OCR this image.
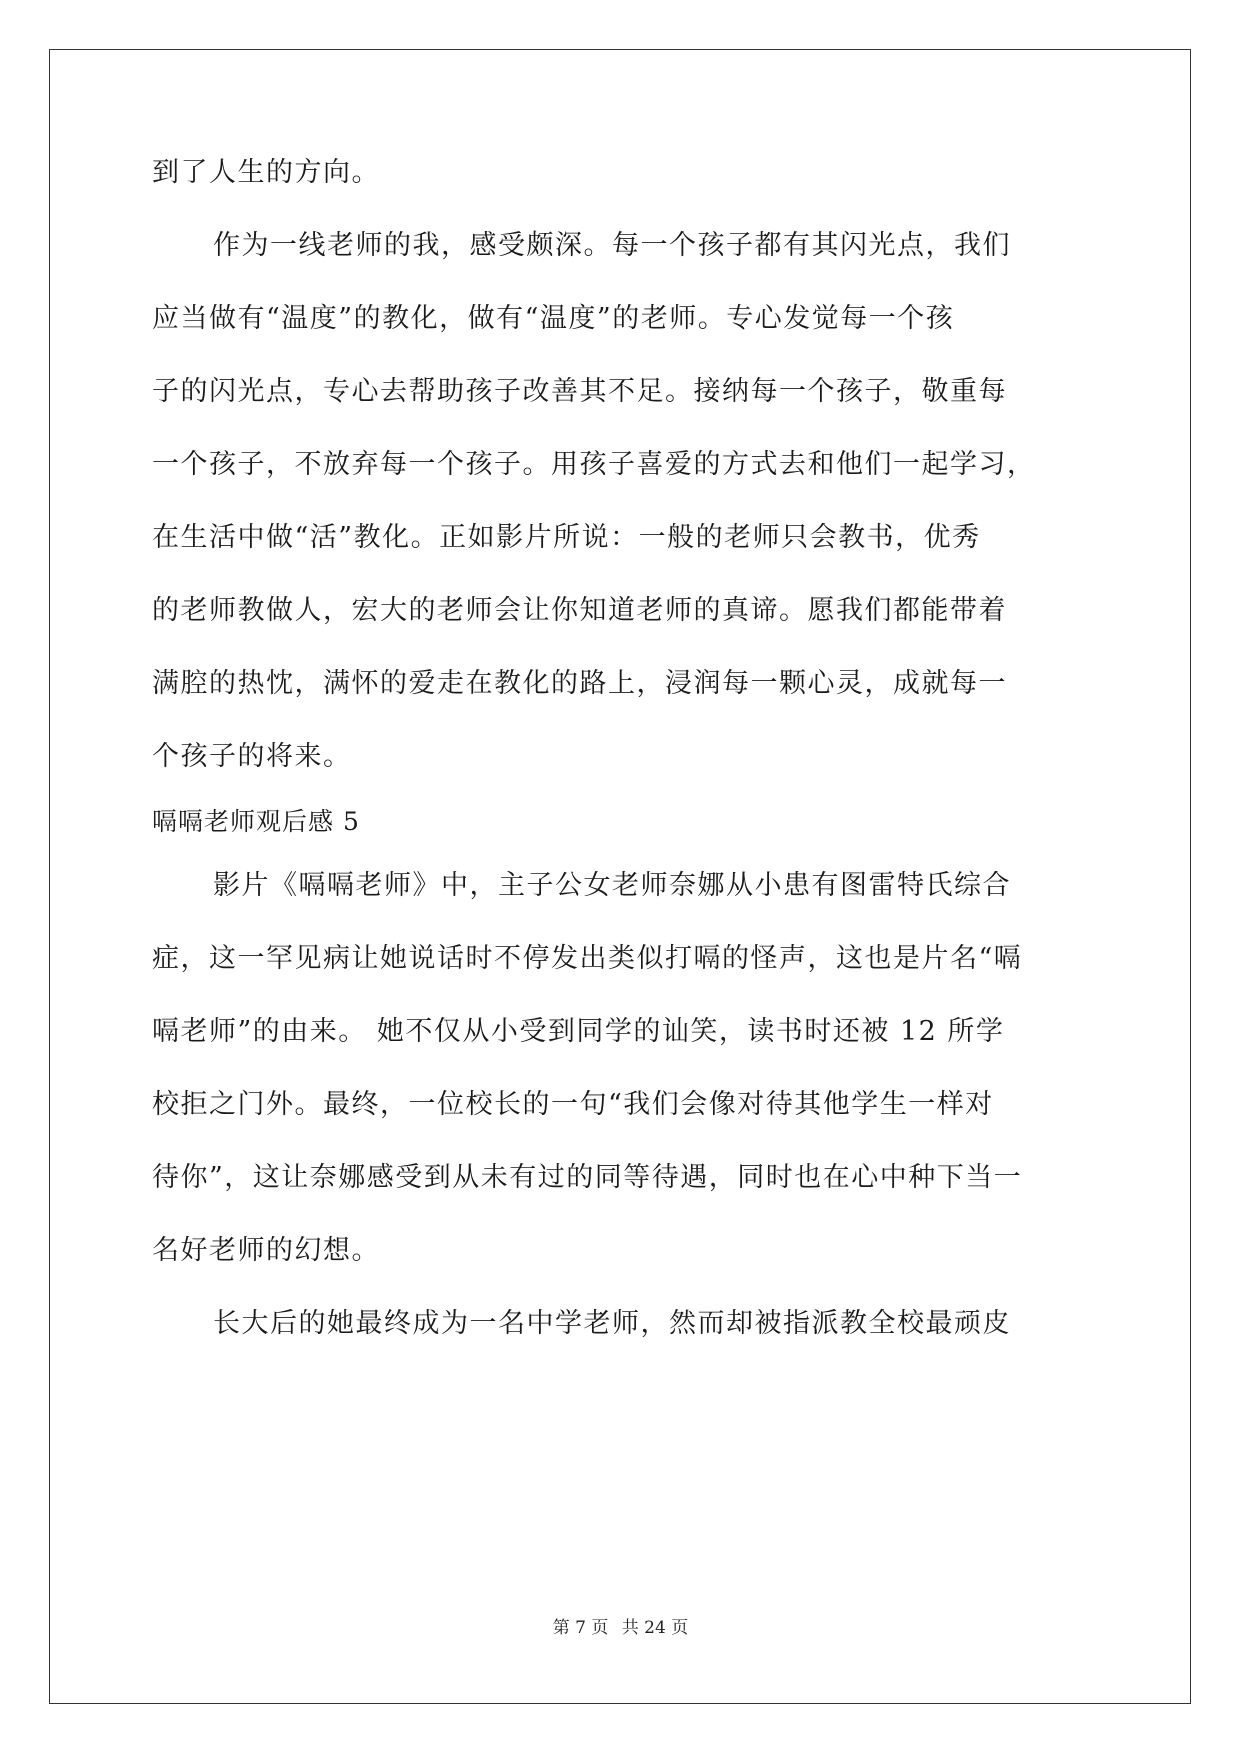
到了人生的方向。
作为一线老师的我，感受颇深。每一个孩子都有其闪光点，我们
应当做有“温度”的教化，做有“温度”的老师。专心发觉每一个孩
子的闪光点，专心去帮助孩子改善其不足。接纳每一个孩子，敬重每
一个孩子，不放弃每一个孩子。用孩子喜爱的方式去和他们一起学习，
在生活中做“活”教化。正如影片所说：一般的老师只会教书，优秀
的老师教做人，宏大的老师会让你知道老师的真谛。愿我们都能带着
满腔的热忱，满怀的爱走在教化的路上，浸润每一颗心灵，成就每一
个孩子的将来。
嗝嗝老师观后感 5
影片《嗝嗝老师》中，主子公女老师奈娜从小患有图雷特氏综合
症，这一罕见病让她说话时不停发出类似打嗝的怪声，这也是片名“嗝
嗝老师”的由来。 她不仅从小受到同学的讪笑，读书时还被 12 所学
校拒之门外。最终，一位校长的一句“我们会像对待其他学生一样对
待你”，这让奈娜感受到从未有过的同等待遇，同时也在心中种下当一
名好老师的幻想。
长大后的她最终成为一名中学老师，然而却被指派教全校最顽皮
第 7 页 共 24 页
